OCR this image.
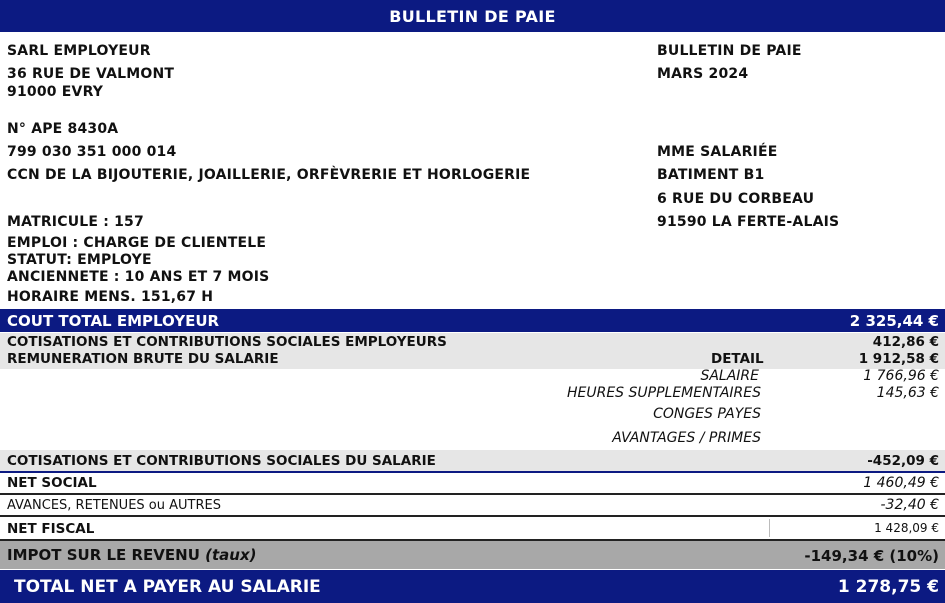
BULLETIN DE PAIE
SARL EMPLOYEUR
36 RUE DE VALMONT
91000 EVRY
N° APE 8430A
799 030 351 000 014
CCN DE LA BIJOUTERIE, JOAILLERIE, ORFÈVRERIE ET HORLOGERIE
BULLETIN DE PAIE
MARS 2024
MME SALARIÉE
BATIMENT B1
6 RUE DU CORBEAU
91590 LA FERTE-ALAIS
MATRICULE : 157
EMPLOI : CHARGE DE CLIENTELE
STATUT: EMPLOYE
ANCIENNETE : 10 ANS ET 7 MOIS
HORAIRE MENS. 151,67 H
COUT TOTAL EMPLOYEUR	2 325,44 €
COTISATIONS ET CONTRIBUTIONS SOCIALES EMPLOYEURS	412,86 €
REMUNERATION BRUTE DU SALARIE	DETAIL	1 912,58 €
SALAIRE	1 766,96 €
HEURES SUPPLEMENTAIRES	145,63 €
CONGES PAYES
AVANTAGES / PRIMES
COTISATIONS ET CONTRIBUTIONS SOCIALES DU SALARIE	-452,09 €
NET SOCIAL	1 460,49 €
AVANCES, RETENUES ou AUTRES	-32,40 €
NET FISCAL	1 428,09 €
IMPOT SUR LE REVENU (taux)	-149,34 € (10%)
TOTAL NET A PAYER AU SALARIE	1 278,75 €
